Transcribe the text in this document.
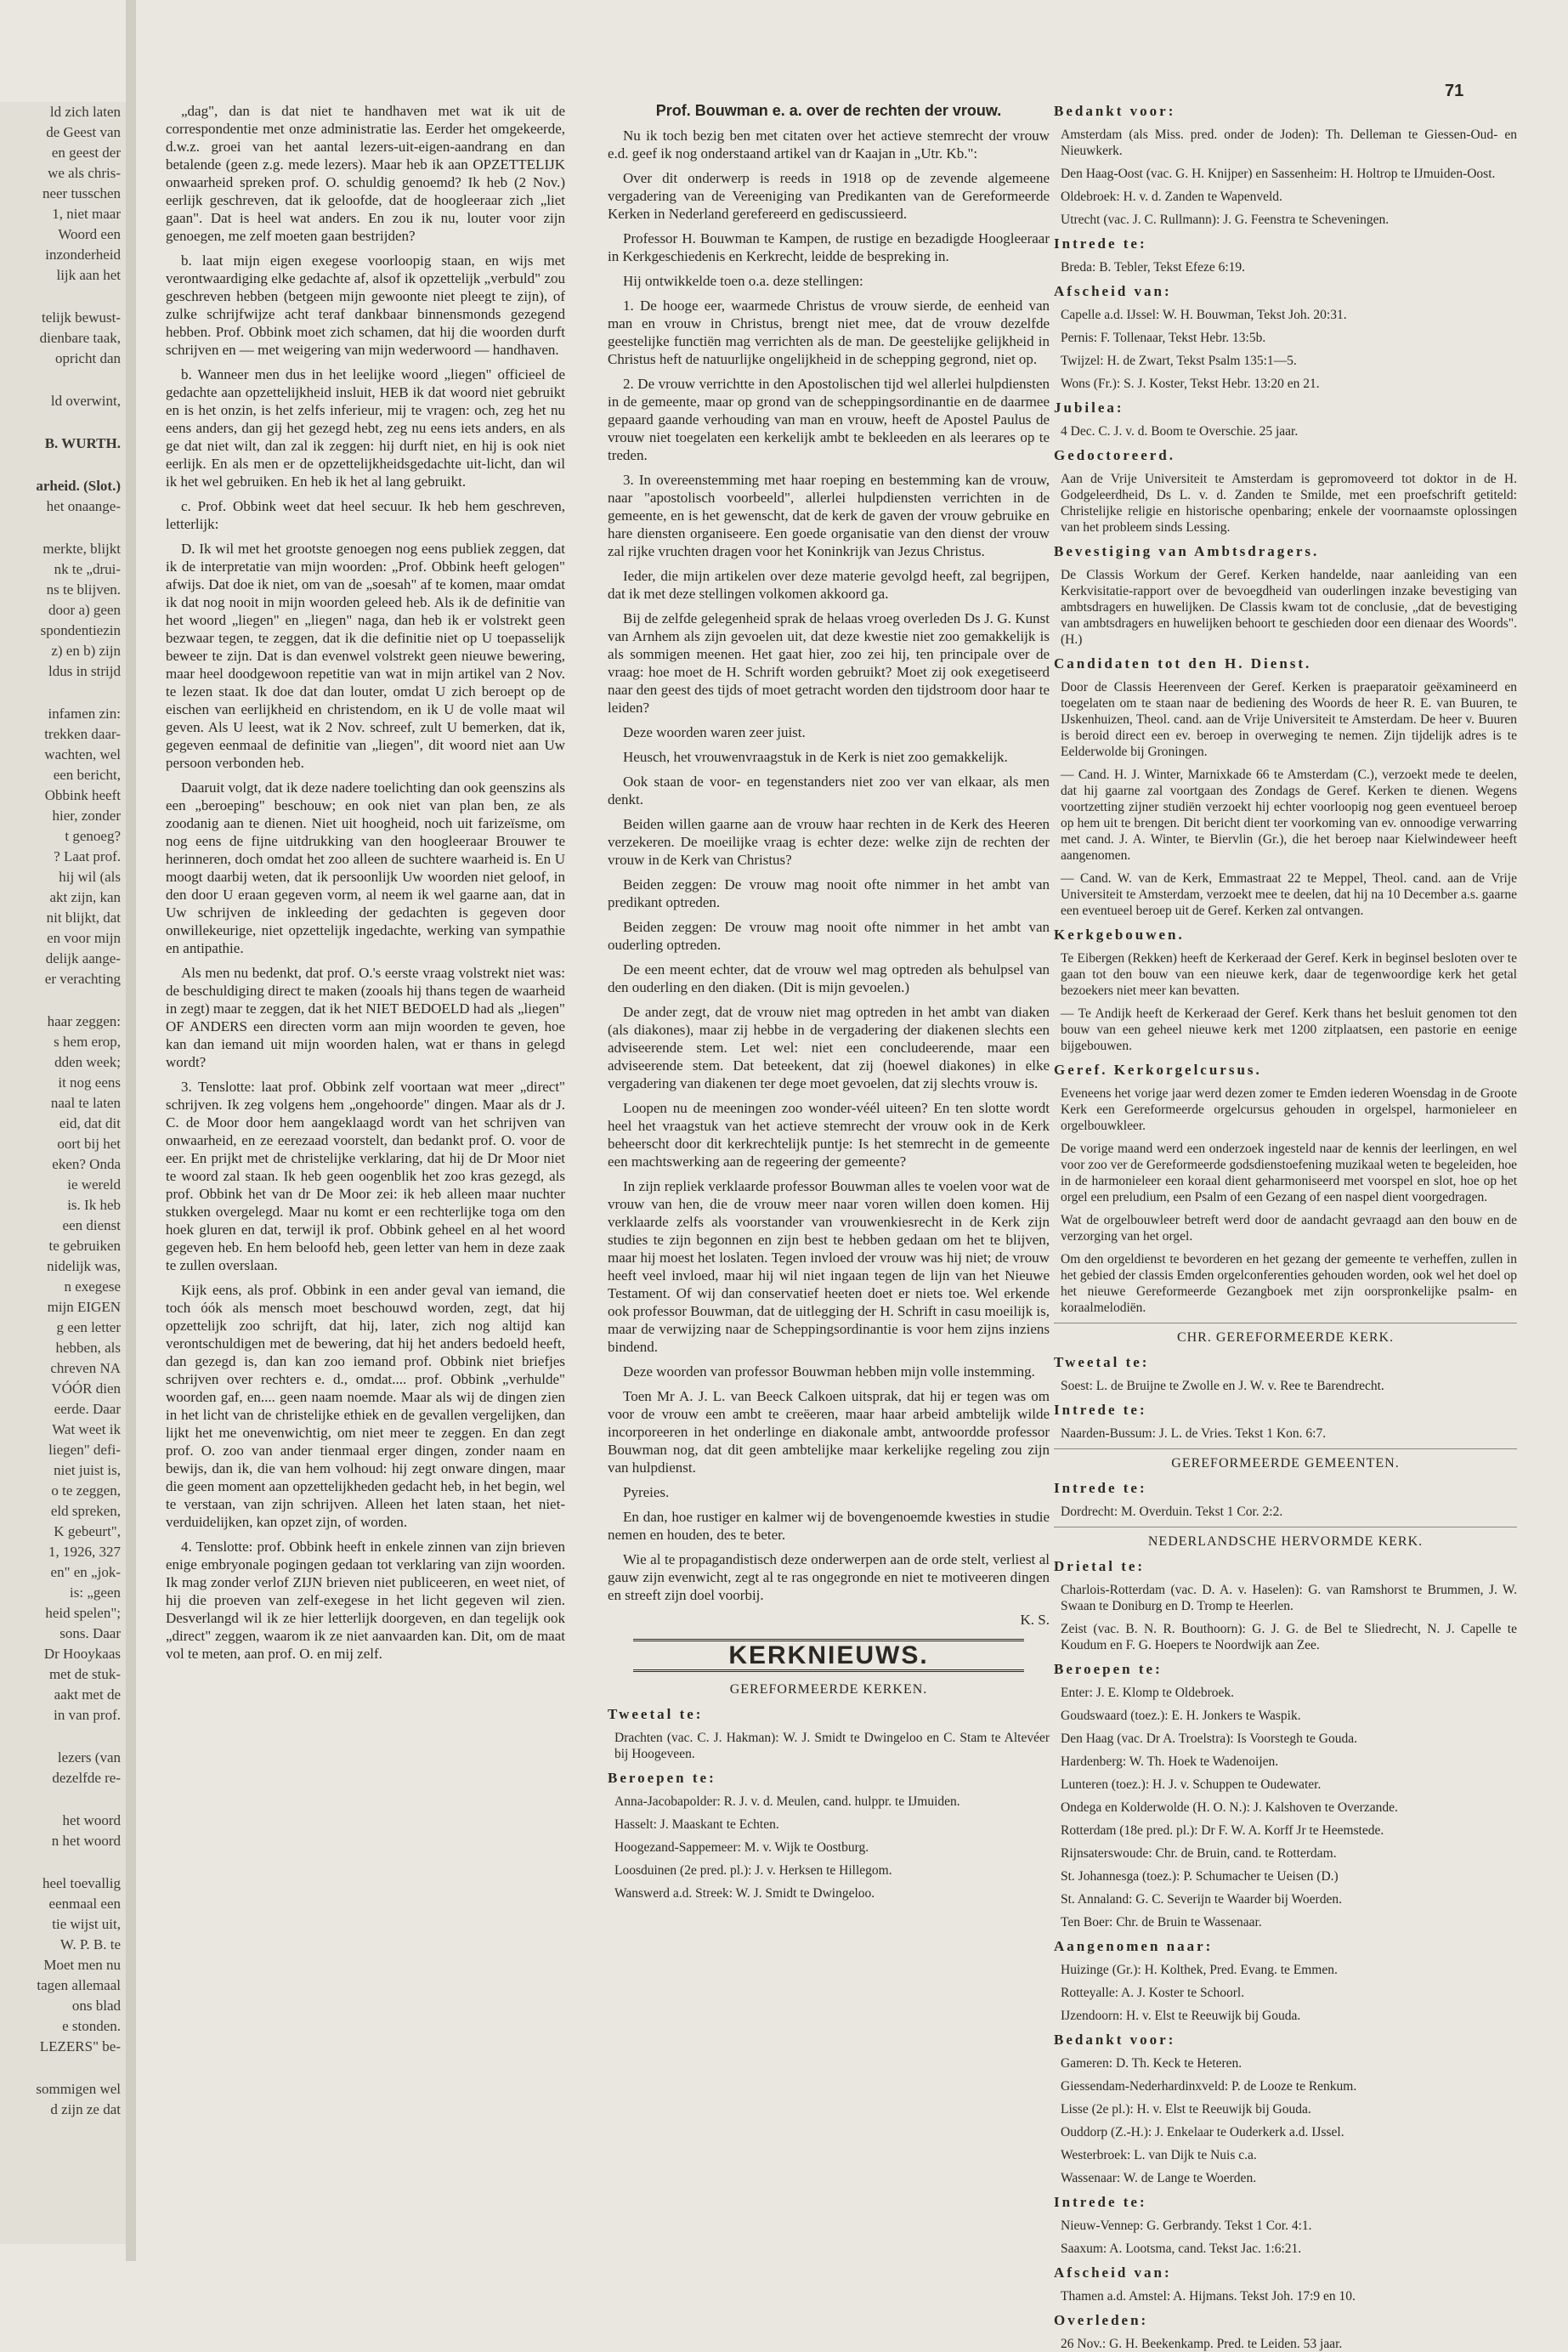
ld zich laten

de Geest van

en geest der

we als chris-

neer tusschen

1, niet maar

Woord een

inzonderheid

lijk aan het

telijk bewust-

dienbare taak,

opricht dan

ld overwint,

B. WURTH.

arheid. (Slot.)

het onaange-

merkte, blijkt

nk te „drui-

ns te blijven.

door a) geen

spondentiezin

z) en b) zijn

ldus in strijd

infamen zin:

trekken daar-

wachten, wel

een bericht,

Obbink heeft

hier, zonder

t genoeg?

? Laat prof.

hij wil (als

akt zijn, kan

nit blijkt, dat

en voor mijn

delijk aange-

er verachting

haar zeggen:

s hem erop,

dden week;

it nog eens

naal te laten

eid, dat dit

oort bij het

eken? Onda

ie wereld

is. Ik heb

een dienst

te gebruiken

nidelijk was,

n exegese

mijn EIGEN

g een letter

hebben, als

chreven NA

VÓÓR dien

eerde. Daar

Wat weet ik

liegen" defi-

niet juist is,

o te zeggen,

eld spreken,

K gebeurt",

1, 1926, 327

en" en „jok-

is: „geen

heid spelen";

sons. Daar

Dr Hooykaas

met de stuk-

aakt met de

in van prof.

lezers (van

dezelfde re-

het woord

n het woord

heel toevallig

eenmaal een

tie wijst uit,

W. P. B. te

Moet men nu

tagen allemaal

ons blad

e stonden.

LEZERS" be-

sommigen wel

d zijn ze dat

71

„dag", dan is dat niet te handhaven met wat ik uit de correspondentie met onze administratie las. Eerder het omgekeerde, d.w.z. groei van het aantal lezers-uit-eigen-aandrang en dan betalende (geen z.g. mede lezers). Maar heb ik aan OPZETTELIJK onwaarheid spreken prof. O. schuldig genoemd? Ik heb (2 Nov.) eerlijk geschreven, dat ik geloofde, dat de hoogleeraar zich „liet gaan". Dat is heel wat anders. En zou ik nu, louter voor zijn genoegen, me zelf moeten gaan bestrijden?

b. laat mijn eigen exegese voorloopig staan, en wijs met verontwaardiging elke gedachte af, alsof ik opzettelijk „verbuld" zou geschreven hebben (betgeen mijn gewoonte niet pleegt te zijn), of zulke schrijfwijze acht teraf dankbaar binnensmonds gezegend hebben. Prof. Obbink moet zich schamen, dat hij die woorden durft schrijven en — met weigering van mijn wederwoord — handhaven.

b. Wanneer men dus in het leelijke woord „liegen" officieel de gedachte aan opzettelijkheid insluit, HEB ik dat woord niet gebruikt en is het onzin, is het zelfs inferieur, mij te vragen: och, zeg het nu eens anders, dan gij het gezegd hebt, zeg nu eens iets anders, en als ge dat niet wilt, dan zal ik zeggen: hij durft niet, en hij is ook niet eerlijk. En als men er de opzettelijkheidsgedachte uit-licht, dan wil ik het wel gebruiken. En heb ik het al lang gebruikt.

c. Prof. Obbink weet dat heel secuur. Ik heb hem geschreven, letterlijk:

D. Ik wil met het grootste genoegen nog eens publiek zeggen, dat ik de interpretatie van mijn woorden: „Prof. Obbink heeft gelogen" afwijs. Dat doe ik niet, om van de „soesah" af te komen, maar omdat ik dat nog nooit in mijn woorden geleed heb. Als ik de definitie van het woord „liegen" en „liegen" naga, dan heb ik er volstrekt geen bezwaar tegen, te zeggen, dat ik die definitie niet op U toepasselijk beweer te zijn. Dat is dan evenwel volstrekt geen nieuwe bewering, maar heel doodgewoon repetitie van wat in mijn artikel van 2 Nov. te lezen staat. Ik doe dat dan louter, omdat U zich beroept op de eischen van eerlijkheid en christendom, en ik U de volle maat wil geven. Als U leest, wat ik 2 Nov. schreef, zult U bemerken, dat ik, gegeven eenmaal de definitie van „liegen", dit woord niet aan Uw persoon verbonden heb.

Daaruit volgt, dat ik deze nadere toelichting dan ook geenszins als een „beroeping" beschouw; en ook niet van plan ben, ze als zoodanig aan te dienen. Niet uit hoogheid, noch uit farizeïsme, om nog eens de fijne uitdrukking van den hoogleeraar Brouwer te herinneren, doch omdat het zoo alleen de suchtere waarheid is. En U moogt daarbij weten, dat ik persoonlijk Uw woorden niet geloof, in den door U eraan gegeven vorm, al neem ik wel gaarne aan, dat in Uw schrijven de inkleeding der gedachten is gegeven door onwillekeurige, niet opzettelijk ingedachte, werking van sympathie en antipathie.

Als men nu bedenkt, dat prof. O.'s eerste vraag volstrekt niet was: de beschuldiging direct te maken (zooals hij thans tegen de waarheid in zegt) maar te zeggen, dat ik het NIET BEDOELD had als „liegen" OF ANDERS een directen vorm aan mijn woorden te geven, hoe kan dan iemand uit mijn woorden halen, wat er thans in gelegd wordt?

3. Tenslotte: laat prof. Obbink zelf voortaan wat meer „direct" schrijven. Ik zeg volgens hem „ongehoorde" dingen. Maar als dr J. C. de Moor door hem aangeklaagd wordt van het schrijven van onwaarheid, en ze eerezaad voorstelt, dan bedankt prof. O. voor de eer. En prijkt met de christelijke verklaring, dat hij de Dr Moor niet te woord zal staan. Ik heb geen oogenblik het zoo kras gezegd, als prof. Obbink het van dr De Moor zei: ik heb alleen maar nuchter stukken overgelegd. Maar nu komt er een rechterlijke toga om den hoek gluren en dat, terwijl ik prof. Obbink geheel en al het woord gegeven heb. En hem beloofd heb, geen letter van hem in deze zaak te zullen overslaan.

Kijk eens, als prof. Obbink in een ander geval van iemand, die toch óók als mensch moet beschouwd worden, zegt, dat hij opzettelijk zoo schrijft, dat hij, later, zich nog altijd kan verontschuldigen met de bewering, dat hij het anders bedoeld heeft, dan gezegd is, dan kan zoo iemand prof. Obbink niet briefjes schrijven over rechters e. d., omdat.... prof. Obbink „verhulde" woorden gaf, en.... geen naam noemde. Maar als wij de dingen zien in het licht van de christelijke ethiek en de gevallen vergelijken, dan lijkt het me onevenwichtig, om niet meer te zeggen. En dan zegt prof. O. zoo van ander tienmaal erger dingen, zonder naam en bewijs, dan ik, die van hem volhoud: hij zegt onware dingen, maar die geen moment aan opzettelijkheden gedacht heb, in het begin, wel te verstaan, van zijn schrijven. Alleen het laten staan, het niet-verduidelijken, kan opzet zijn, of worden.

4. Tenslotte: prof. Obbink heeft in enkele zinnen van zijn brieven enige embryonale pogingen gedaan tot verklaring van zijn woorden. Ik mag zonder verlof ZIJN brieven niet publiceeren, en weet niet, of hij die proeven van zelf-exegese in het licht gegeven wil zien. Desverlangd wil ik ze hier letterlijk doorgeven, en dan tegelijk ook „direct" zeggen, waarom ik ze niet aanvaarden kan. Dit, om de maat vol te meten, aan prof. O. en mij zelf.

Prof. Bouwman e. a. over de rechten der vrouw.

Nu ik toch bezig ben met citaten over het actieve stemrecht der vrouw e.d. geef ik nog onderstaand artikel van dr Kaajan in „Utr. Kb.":

Over dit onderwerp is reeds in 1918 op de zevende algemeene vergadering van de Vereeniging van Predikanten van de Gereformeerde Kerken in Nederland gerefereerd en gediscussieerd.

Professor H. Bouwman te Kampen, de rustige en bezadigde Hoogleeraar in Kerkgeschiedenis en Kerkrecht, leidde de bespreking in.

Hij ontwikkelde toen o.a. deze stellingen:

1. De hooge eer, waarmede Christus de vrouw sierde, de eenheid van man en vrouw in Christus, brengt niet mee, dat de vrouw dezelfde geestelijke functiën mag verrichten als de man. De geestelijke gelijkheid in Christus heft de natuurlijke ongelijkheid in de schepping gegrond, niet op.

2. De vrouw verrichtte in den Apostolischen tijd wel allerlei hulpdiensten in de gemeente, maar op grond van de scheppingsordinantie en de daarmee gepaard gaande verhouding van man en vrouw, heeft de Apostel Paulus de vrouw niet toegelaten een kerkelijk ambt te bekleeden en als leerares op te treden.

3. In overeenstemming met haar roeping en bestemming kan de vrouw, naar "apostolisch voorbeeld", allerlei hulpdiensten verrichten in de gemeente, en is het gewenscht, dat de kerk de gaven der vrouw gebruike en hare diensten organiseere. Een goede organisatie van den dienst der vrouw zal rijke vruchten dragen voor het Koninkrijk van Jezus Christus.

Ieder, die mijn artikelen over deze materie gevolgd heeft, zal begrijpen, dat ik met deze stellingen volkomen akkoord ga.

Bij de zelfde gelegenheid sprak de helaas vroeg overleden Ds J. G. Kunst van Arnhem als zijn gevoelen uit, dat deze kwestie niet zoo gemakkelijk is als sommigen meenen. Het gaat hier, zoo zei hij, ten principale over de vraag: hoe moet de H. Schrift worden gebruikt? Moet zij ook exegetiseerd naar den geest des tijds of moet getracht worden den tijdstroom door haar te leiden?

Deze woorden waren zeer juist.

Heusch, het vrouwenvraagstuk in de Kerk is niet zoo gemakkelijk.

Ook staan de voor- en tegenstanders niet zoo ver van elkaar, als men denkt.

Beiden willen gaarne aan de vrouw haar rechten in de Kerk des Heeren verzekeren. De moeilijke vraag is echter deze: welke zijn de rechten der vrouw in de Kerk van Christus?

Beiden zeggen: De vrouw mag nooit ofte nimmer in het ambt van predikant optreden.

Beiden zeggen: De vrouw mag nooit ofte nimmer in het ambt van ouderling optreden.

De een meent echter, dat de vrouw wel mag optreden als behulpsel van den ouderling en den diaken. (Dit is mijn gevoelen.)

De ander zegt, dat de vrouw niet mag optreden in het ambt van diaken (als diakones), maar zij hebbe in de vergadering der diakenen slechts een adviseerende stem. Let wel: niet een concludeerende, maar een adviseerende stem. Dat beteekent, dat zij (hoewel diakones) in elke vergadering van diakenen ter dege moet gevoelen, dat zij slechts vrouw is.

Loopen nu de meeningen zoo wonder-véél uiteen? En ten slotte wordt heel het vraagstuk van het actieve stemrecht der vrouw ook in de Kerk beheerscht door dit kerkrechtelijk puntje: Is het stemrecht in de gemeente een machtswerking aan de regeering der gemeente?

In zijn repliek verklaarde professor Bouwman alles te voelen voor wat de vrouw van hen, die de vrouw meer naar voren willen doen komen. Hij verklaarde zelfs als voorstander van vrouwenkiesrecht in de Kerk zijn studies te zijn begonnen en zijn best te hebben gedaan om het te blijven, maar hij moest het loslaten. Tegen invloed der vrouw was hij niet; de vrouw heeft veel invloed, maar hij wil niet ingaan tegen de lijn van het Nieuwe Testament. Of wij dan conservatief heeten doet er niets toe. Wel erkende ook professor Bouwman, dat de uitlegging der H. Schrift in casu moeilijk is, maar de verwijzing naar de Scheppingsordinantie is voor hem zijns inziens bindend.

Deze woorden van professor Bouwman hebben mijn volle instemming.

Toen Mr A. J. L. van Beeck Calkoen uitsprak, dat hij er tegen was om voor de vrouw een ambt te creëeren, maar haar arbeid ambtelijk wilde incorporeeren in het onderlinge en diakonale ambt, antwoordde professor Bouwman nog, dat dit geen ambtelijke maar kerkelijke regeling zou zijn van hulpdienst.

Pyreies.

En dan, hoe rustiger en kalmer wij de bovengenoemde kwesties in studie nemen en houden, des te beter.

Wie al te propagandistisch deze onderwerpen aan de orde stelt, verliest al gauw zijn evenwicht, zegt al te ras ongegronde en niet te motiveeren dingen en streeft zijn doel voorbij.

K. S.

KERKNIEUWS.

GEREFORMEERDE KERKEN.

Tweetal te:

Drachten (vac. C. J. Hakman): W. J. Smidt te Dwingeloo en C. Stam te Altevéer bij Hoogeveen.

Beroepen te:

Anna-Jacobapolder: R. J. v. d. Meulen, cand. hulppr. te IJmuiden.

Hasselt: J. Maaskant te Echten.

Hoogezand-Sappemeer: M. v. Wijk te Oostburg.

Loosduinen (2e pred. pl.): J. v. Herksen te Hillegom.

Wanswerd a.d. Streek: W. J. Smidt te Dwingeloo.

Bedankt voor:

Amsterdam (als Miss. pred. onder de Joden): Th. Delleman te Giessen-Oud- en Nieuwkerk.

Den Haag-Oost (vac. G. H. Knijper) en Sassenheim: H. Holtrop te IJmuiden-Oost.

Oldebroek: H. v. d. Zanden te Wapenveld.

Utrecht (vac. J. C. Rullmann): J. G. Feenstra te Scheveningen.

Intrede te:

Breda: B. Tebler, Tekst Efeze 6:19.

Afscheid van:

Capelle a.d. IJssel: W. H. Bouwman, Tekst Joh. 20:31.

Pernis: F. Tollenaar, Tekst Hebr. 13:5b.

Twijzel: H. de Zwart, Tekst Psalm 135:1—5.

Wons (Fr.): S. J. Koster, Tekst Hebr. 13:20 en 21.

Jubilea:

4 Dec. C. J. v. d. Boom te Overschie. 25 jaar.

Gedoctoreerd.

Aan de Vrije Universiteit te Amsterdam is gepromoveerd tot doktor in de H. Godgeleerdheid, Ds L. v. d. Zanden te Smilde, met een proefschrift getiteld: Christelijke religie en historische openbaring; enkele der voornaamste oplossingen van het probleem sinds Lessing.

Bevestiging van Ambtsdragers.

De Classis Workum der Geref. Kerken handelde, naar aanleiding van een Kerkvisitatie-rapport over de bevoegdheid van ouderlingen inzake bevestiging van ambtsdragers en huwelijken. De Classis kwam tot de conclusie, „dat de bevestiging van ambtsdragers en huwelijken behoort te geschieden door een dienaar des Woords". (H.)

Candidaten tot den H. Dienst.

Door de Classis Heerenveen der Geref. Kerken is praeparatoir geëxamineerd en toegelaten om te staan naar de bediening des Woords de heer R. E. van Buuren, te IJskenhuizen, Theol. cand. aan de Vrije Universiteit te Amsterdam. De heer v. Buuren is beroid direct een ev. beroep in overweging te nemen. Zijn tijdelijk adres is te Eelderwolde bij Groningen.

— Cand. H. J. Winter, Marnixkade 66 te Amsterdam (C.), verzoekt mede te deelen, dat hij gaarne zal voortgaan des Zondags de Geref. Kerken te dienen. Wegens voortzetting zijner studiën verzoekt hij echter voorloopig nog geen eventueel beroep op hem uit te brengen. Dit bericht dient ter voorkoming van ev. onnoodige verwarring met cand. J. A. Winter, te Biervlin (Gr.), die het beroep naar Kielwindeweer heeft aangenomen.

— Cand. W. van de Kerk, Emmastraat 22 te Meppel, Theol. cand. aan de Vrije Universiteit te Amsterdam, verzoekt mee te deelen, dat hij na 10 December a.s. gaarne een eventueel beroep uit de Geref. Kerken zal ontvangen.

Kerkgebouwen.

Te Eibergen (Rekken) heeft de Kerkeraad der Geref. Kerk in beginsel besloten over te gaan tot den bouw van een nieuwe kerk, daar de tegenwoordige kerk het getal bezoekers niet meer kan bevatten.

— Te Andijk heeft de Kerkeraad der Geref. Kerk thans het besluit genomen tot den bouw van een geheel nieuwe kerk met 1200 zitplaatsen, een pastorie en eenige bijgebouwen.

Geref. Kerkorgelcursus.

Eveneens het vorige jaar werd dezen zomer te Emden iederen Woensdag in de Groote Kerk een Gereformeerde orgelcursus gehouden in orgelspel, harmonieleer en orgelbouwkleer.

De vorige maand werd een onderzoek ingesteld naar de kennis der leerlingen, en wel voor zoo ver de Gereformeerde godsdienstoefening muzikaal weten te begeleiden, hoe in de harmonieleer een koraal dient geharmoniseerd met voorspel en slot, hoe op het orgel een preludium, een Psalm of een Gezang of een naspel dient voorgedragen.

Wat de orgelbouwleer betreft werd door de aandacht gevraagd aan den bouw en de verzorging van het orgel.

Om den orgeldienst te bevorderen en het gezang der gemeente te verheffen, zullen in het gebied der classis Emden orgelconferenties gehouden worden, ook wel het doel op het nieuwe Gereformeerde Gezangboek met zijn oorspronkelijke psalm- en koraalmelodiën.

CHR. GEREFORMEERDE KERK.

Tweetal te:

Soest: L. de Bruijne te Zwolle en J. W. v. Ree te Barendrecht.

Intrede te:

Naarden-Bussum: J. L. de Vries. Tekst 1 Kon. 6:7.

GEREFORMEERDE GEMEENTEN.

Intrede te:

Dordrecht: M. Overduin. Tekst 1 Cor. 2:2.

NEDERLANDSCHE HERVORMDE KERK.

Drietal te:

Charlois-Rotterdam (vac. D. A. v. Haselen): G. van Ramshorst te Brummen, J. W. Swaan te Doniburg en D. Tromp te Heerlen.

Zeist (vac. B. N. R. Bouthoorn): G. J. G. de Bel te Sliedrecht, N. J. Capelle te Koudum en F. G. Hoepers te Noordwijk aan Zee.

Beroepen te:

Enter: J. E. Klomp te Oldebroek.

Goudswaard (toez.): E. H. Jonkers te Waspik.

Den Haag (vac. Dr A. Troelstra): Is Voorstegh te Gouda.

Hardenberg: W. Th. Hoek te Wadenoijen.

Lunteren (toez.): H. J. v. Schuppen te Oudewater.

Ondega en Kolderwolde (H. O. N.): J. Kalshoven te Overzande.

Rotterdam (18e pred. pl.): Dr F. W. A. Korff Jr te Heemstede.

Rijnsaterswoude: Chr. de Bruin, cand. te Rotterdam.

St. Johannesga (toez.): P. Schumacher te Ueisen (D.)

St. Annaland: G. C. Severijn te Waarder bij Woerden.

Ten Boer: Chr. de Bruin te Wassenaar.

Aangenomen naar:

Huizinge (Gr.): H. Kolthek, Pred. Evang. te Emmen.

Rotteyalle: A. J. Koster te Schoorl.

IJzendoorn: H. v. Elst te Reeuwijk bij Gouda.

Bedankt voor:

Gameren: D. Th. Keck te Heteren.

Giessendam-Nederhardinxveld: P. de Looze te Renkum.

Lisse (2e pl.): H. v. Elst te Reeuwijk bij Gouda.

Ouddorp (Z.-H.): J. Enkelaar te Ouderkerk a.d. IJssel.

Westerbroek: L. van Dijk te Nuis c.a.

Wassenaar: W. de Lange te Woerden.

Intrede te:

Nieuw-Vennep: G. Gerbrandy. Tekst 1 Cor. 4:1.

Saaxum: A. Lootsma, cand. Tekst Jac. 1:6:21.

Afscheid van:

Thamen a.d. Amstel: A. Hijmans. Tekst Joh. 17:9 en 10.

Overleden:

26 Nov.: G. H. Beekenkamp. Pred. te Leiden. 53 jaar.
